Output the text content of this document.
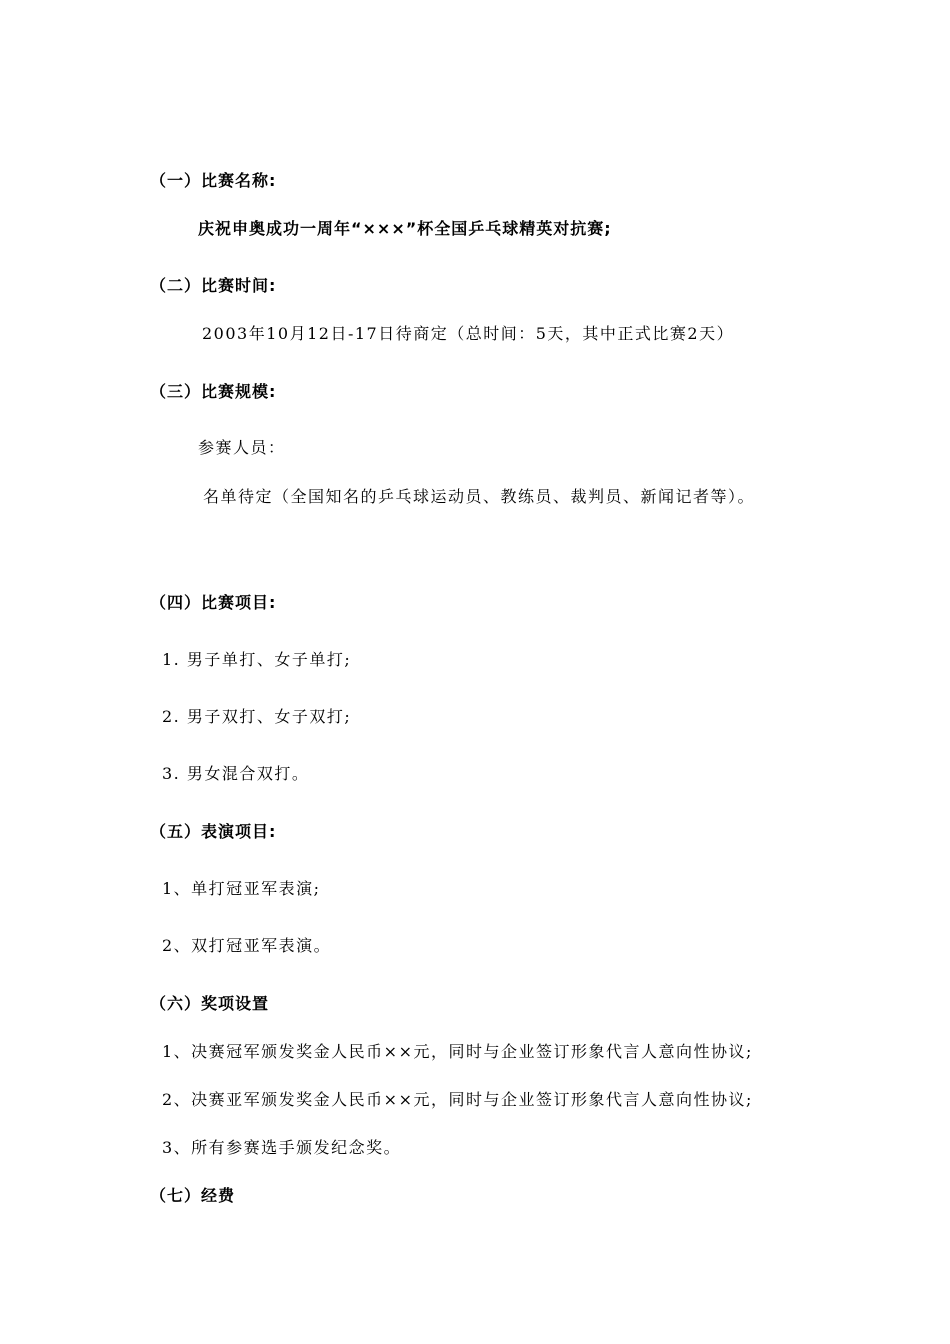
（一）比赛名称:
庆祝申奥成功一周年“×××”杯全国乒乓球精英对抗赛;
（二）比赛时间:
2003年10月12日-17日待商定（总时间：5天，其中正式比赛2天）
（三）比赛规模:
参赛人员：
名单待定（全国知名的乒乓球运动员、教练员、裁判员、新闻记者等）。
（四）比赛项目:
1. 男子单打、女子单打;
2. 男子双打、女子双打;
3. 男女混合双打。
（五）表演项目:
1、单打冠亚军表演;
2、双打冠亚军表演。
（六）奖项设置
1、决赛冠军颁发奖金人民币××元，同时与企业签订形象代言人意向性协议;
2、决赛亚军颁发奖金人民币××元，同时与企业签订形象代言人意向性协议;
3、所有参赛选手颁发纪念奖。
（七）经费
